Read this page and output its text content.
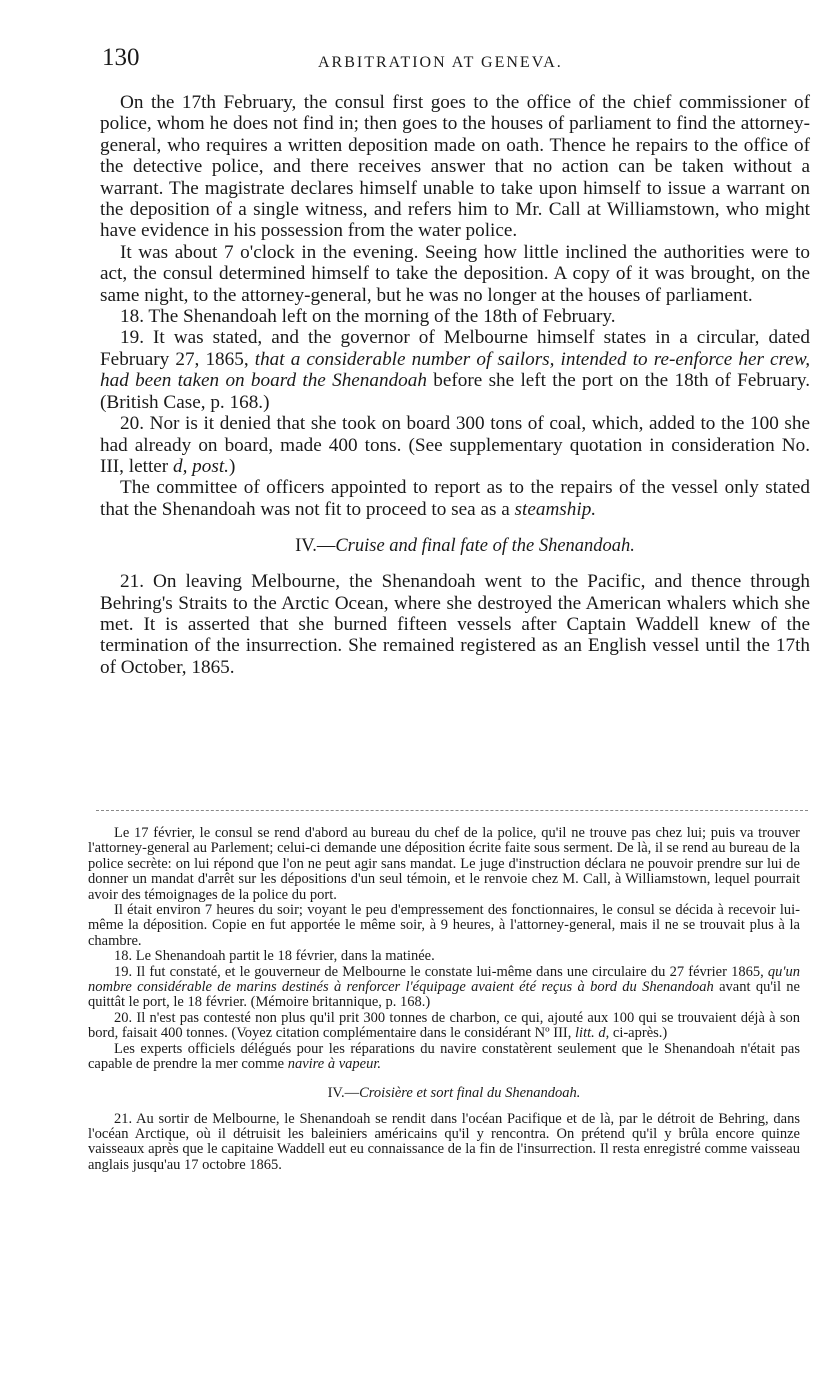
130	ARBITRATION AT GENEVA.

On the 17th February, the consul first goes to the office of the chief commissioner of police, whom he does not find in; then goes to the houses of parliament to find the attorney-general, who requires a written deposition made on oath. Thence he repairs to the office of the detective police, and there receives answer that no action can be taken without a warrant. The magistrate declares himself unable to take upon himself to issue a warrant on the deposition of a single witness, and refers him to Mr. Call at Williamstown, who might have evidence in his possession from the water police.

It was about 7 o'clock in the evening. Seeing how little inclined the authorities were to act, the consul determined himself to take the deposition. A copy of it was brought, on the same night, to the attorney-general, but he was no longer at the houses of parliament.

18. The Shenandoah left on the morning of the 18th of February.

19. It was stated, and the governor of Melbourne himself states in a circular, dated February 27, 1865, that a considerable number of sailors, intended to re-enforce her crew, had been taken on board the Shenandoah before she left the port on the 18th of February. (British Case, p. 168.)

20. Nor is it denied that she took on board 300 tons of coal, which, added to the 100 she had already on board, made 400 tons. (See supplementary quotation in consideration No. III, letter d, post.)

The committee of officers appointed to report as to the repairs of the vessel only stated that the Shenandoah was not fit to proceed to sea as a steamship.

IV.—Cruise and final fate of the Shenandoah.

21. On leaving Melbourne, the Shenandoah went to the Pacific, and thence through Behring's Straits to the Arctic Ocean, where she destroyed the American whalers which she met. It is asserted that she burned fifteen vessels after Captain Waddell knew of the termination of the insurrection. She remained registered as an English vessel until the 17th of October, 1865.

Le 17 février, le consul se rend d'abord au bureau du chef de la police, qu'il ne trouve pas chez lui; puis va trouver l'attorney-general au Parlement; celui-ci demande une déposition écrite faite sous serment. De là, il se rend au bureau de la police secrète: on lui répond que l'on ne peut agir sans mandat. Le juge d'instruction déclara ne pouvoir prendre sur lui de donner un mandat d'arrêt sur les dépositions d'un seul témoin, et le renvoie chez M. Call, à Williamstown, lequel pourrait avoir des témoignages de la police du port.

Il était environ 7 heures du soir; voyant le peu d'empressement des fonctionnaires, le consul se décida à recevoir lui-même la déposition. Copie en fut apportée le même soir, à 9 heures, à l'attorney-general, mais il ne se trouvait plus à la chambre.

18. Le Shenandoah partit le 18 février, dans la matinée.

19. Il fut constaté, et le gouverneur de Melbourne le constate lui-même dans une circulaire du 27 février 1865, qu'un nombre considérable de marins destinés à renforcer l'équipage avaient été reçus à bord du Shenandoah avant qu'il ne quittât le port, le 18 février. (Mémoire britannique, p. 168.)

20. Il n'est pas contesté non plus qu'il prit 300 tonnes de charbon, ce qui, ajouté aux 100 qui se trouvaient déjà à son bord, faisait 400 tonnes. (Voyez citation complémentaire dans le considérant Nº III, litt. d, ci-après.)

Les experts officiels délégués pour les réparations du navire constatèrent seulement que le Shenandoah n'était pas capable de prendre la mer comme navire à vapeur.

IV.—Croisière et sort final du Shenandoah.

21. Au sortir de Melbourne, le Shenandoah se rendit dans l'océan Pacifique et de là, par le détroit de Behring, dans l'océan Arctique, où il détruisit les baleiniers américains qu'il y rencontra. On prétend qu'il y brûla encore quinze vaisseaux après que le capitaine Waddell eut eu connaissance de la fin de l'insurrection. Il resta enregistré comme vaisseau anglais jusqu'au 17 octobre 1865.
